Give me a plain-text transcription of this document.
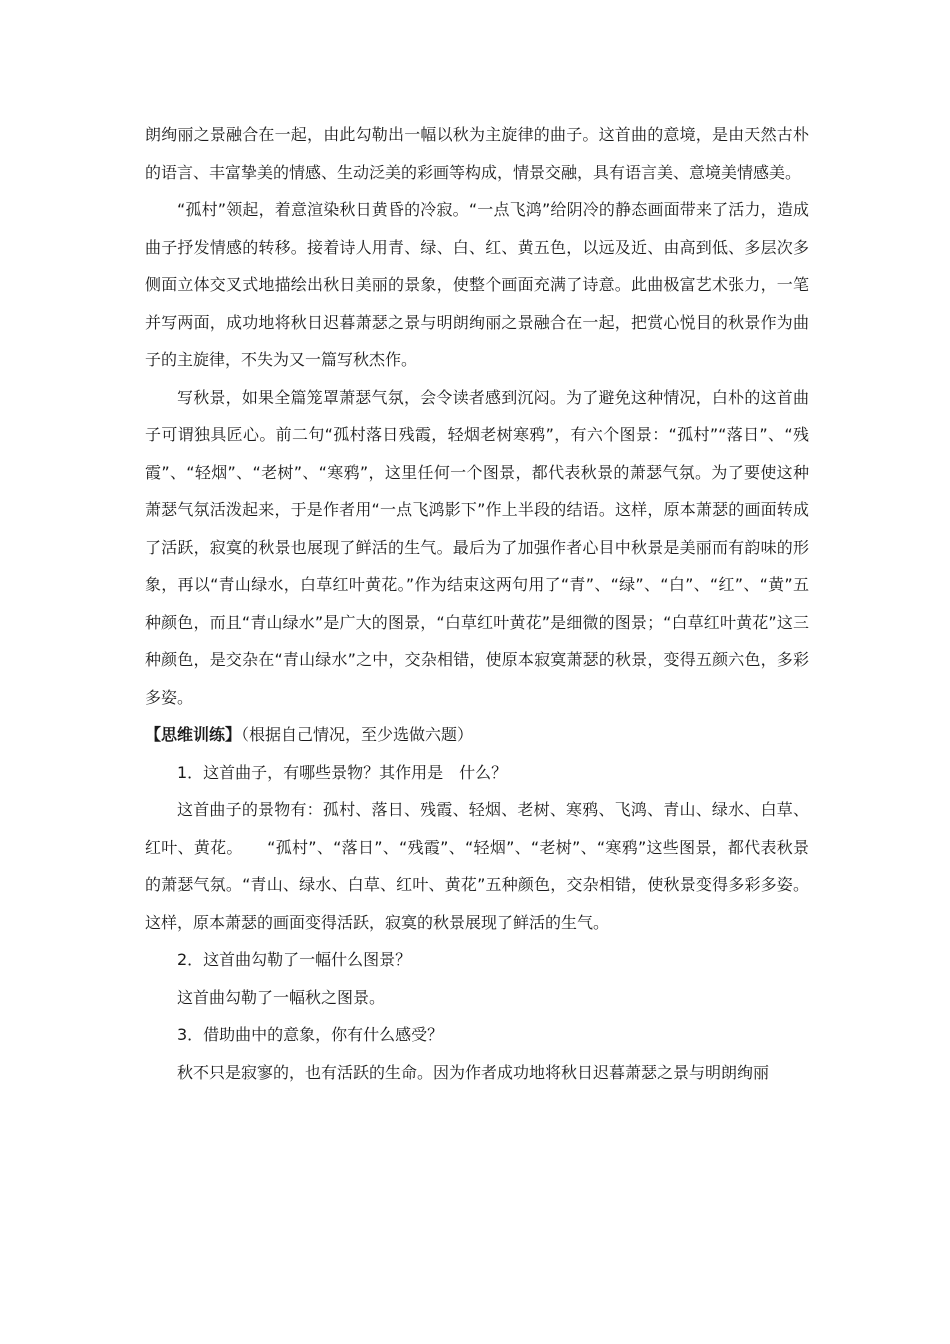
朗绚丽之景融合在一起，由此勾勒出一幅以秋为主旋律的曲子。这首曲的意境，是由天然古朴的语言、丰富挚美的情感、生动泛美的彩画等构成，情景交融，具有语言美、意境美情感美。

“孤村”领起，着意渲染秋日黄昏的冷寂。“一点飞鸿”给阴冷的静态画面带来了活力，造成曲子抒发情感的转移。接着诗人用青、绿、白、红、黄五色，以远及近、由高到低、多层次多侧面立体交叉式地描绘出秋日美丽的景象，使整个画面充满了诗意。此曲极富艺术张力，一笔并写两面，成功地将秋日迟暮萧瑟之景与明朗绚丽之景融合在一起，把赏心悦目的秋景作为曲子的主旋律，不失为又一篇写秋杰作。

写秋景，如果全篇笼罩萧瑟气氛，会令读者感到沉闷。为了避免这种情况，白朴的这首曲子可谓独具匠心。前二句“孤村落日残霞，轻烟老树寒鸦”，有六个图景：“孤村”“落日”、“残霞”、“轻烟”、“老树”、“寒鸦”，这里任何一个图景，都代表秋景的萧瑟气氛。为了要使这种萧瑟气氛活泼起来，于是作者用“一点飞鸿影下”作上半段的结语。这样，原本萧瑟的画面转成了活跃，寂寞的秋景也展现了鲜活的生气。最后为了加强作者心目中秋景是美丽而有韵味的形象，再以“青山绿水，白草红叶黄花。”作为结束这两句用了“青”、“绿”、“白”、“红”、“黄”五种颜色，而且“青山绿水”是广大的图景，“白草红叶黄花”是细微的图景；“白草红叶黄花”这三种颜色，是交杂在“青山绿水”之中，交杂相错，使原本寂寞萧瑟的秋景，变得五颜六色，多彩多姿。

【思维训练】（根据自己情况，至少选做六题）

1．这首曲子，有哪些景物？其作用是　什么？

这首曲子的景物有：孤村、落日、残霞、轻烟、老树、寒鸦、飞鸿、青山、绿水、白草、红叶、黄花。　　“孤村”、“落日”、“残霞”、“轻烟”、“老树”、“寒鸦”这些图景，都代表秋景的萧瑟气氛。“青山、绿水、白草、红叶、黄花”五种颜色，交杂相错，使秋景变得多彩多姿。这样，原本萧瑟的画面变得活跃，寂寞的秋景展现了鲜活的生气。

2．这首曲勾勒了一幅什么图景？

这首曲勾勒了一幅秋之图景。

3．借助曲中的意象，你有什么感受？

秋不只是寂寥的，也有活跃的生命。因为作者成功地将秋日迟暮萧瑟之景与明朗绚丽
